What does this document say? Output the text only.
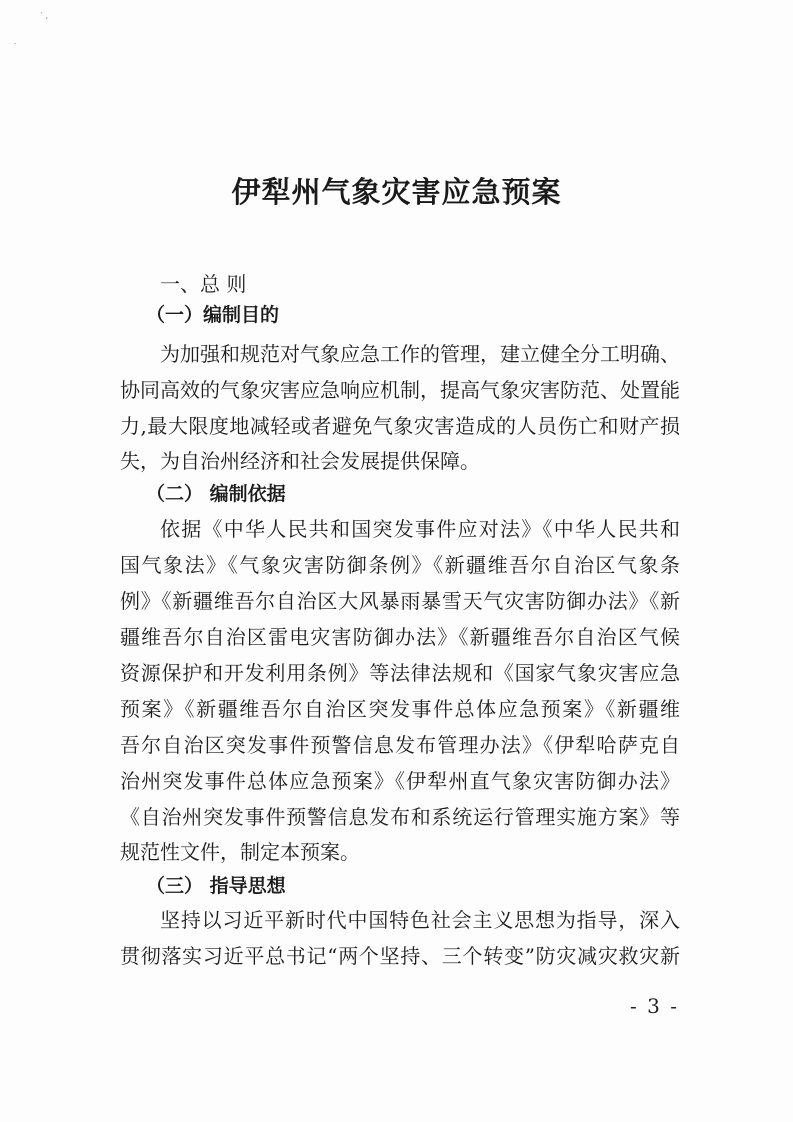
` ,
·
伊犁州气象灾害应急预案
一、总 则
（一）编制目的
为加强和规范对气象应急工作的管理，建立健全分工明确、
协同高效的气象灾害应急响应机制，提高气象灾害防范、处置能
力,最大限度地减轻或者避免气象灾害造成的人员伤亡和财产损
失，为自治州经济和社会发展提供保障。
（二） 编制依据
依据《中华人民共和国突发事件应对法》《中华人民共和
国气象法》《气象灾害防御条例》《新疆维吾尔自治区气象条
例》《新疆维吾尔自治区大风暴雨暴雪天气灾害防御办法》《新
疆维吾尔自治区雷电灾害防御办法》《新疆维吾尔自治区气候
资源保护和开发利用条例》等法律法规和《国家气象灾害应急
预案》《新疆维吾尔自治区突发事件总体应急预案》《新疆维
吾尔自治区突发事件预警信息发布管理办法》《伊犁哈萨克自
治州突发事件总体应急预案》《伊犁州直气象灾害防御办法》
《自治州突发事件预警信息发布和系统运行管理实施方案》等
规范性文件，制定本预案。
（三） 指导思想
坚持以习近平新时代中国特色社会主义思想为指导，深入
贯彻落实习近平总书记“两个坚持、三个转变”防灾减灾救灾新
- 3 -
